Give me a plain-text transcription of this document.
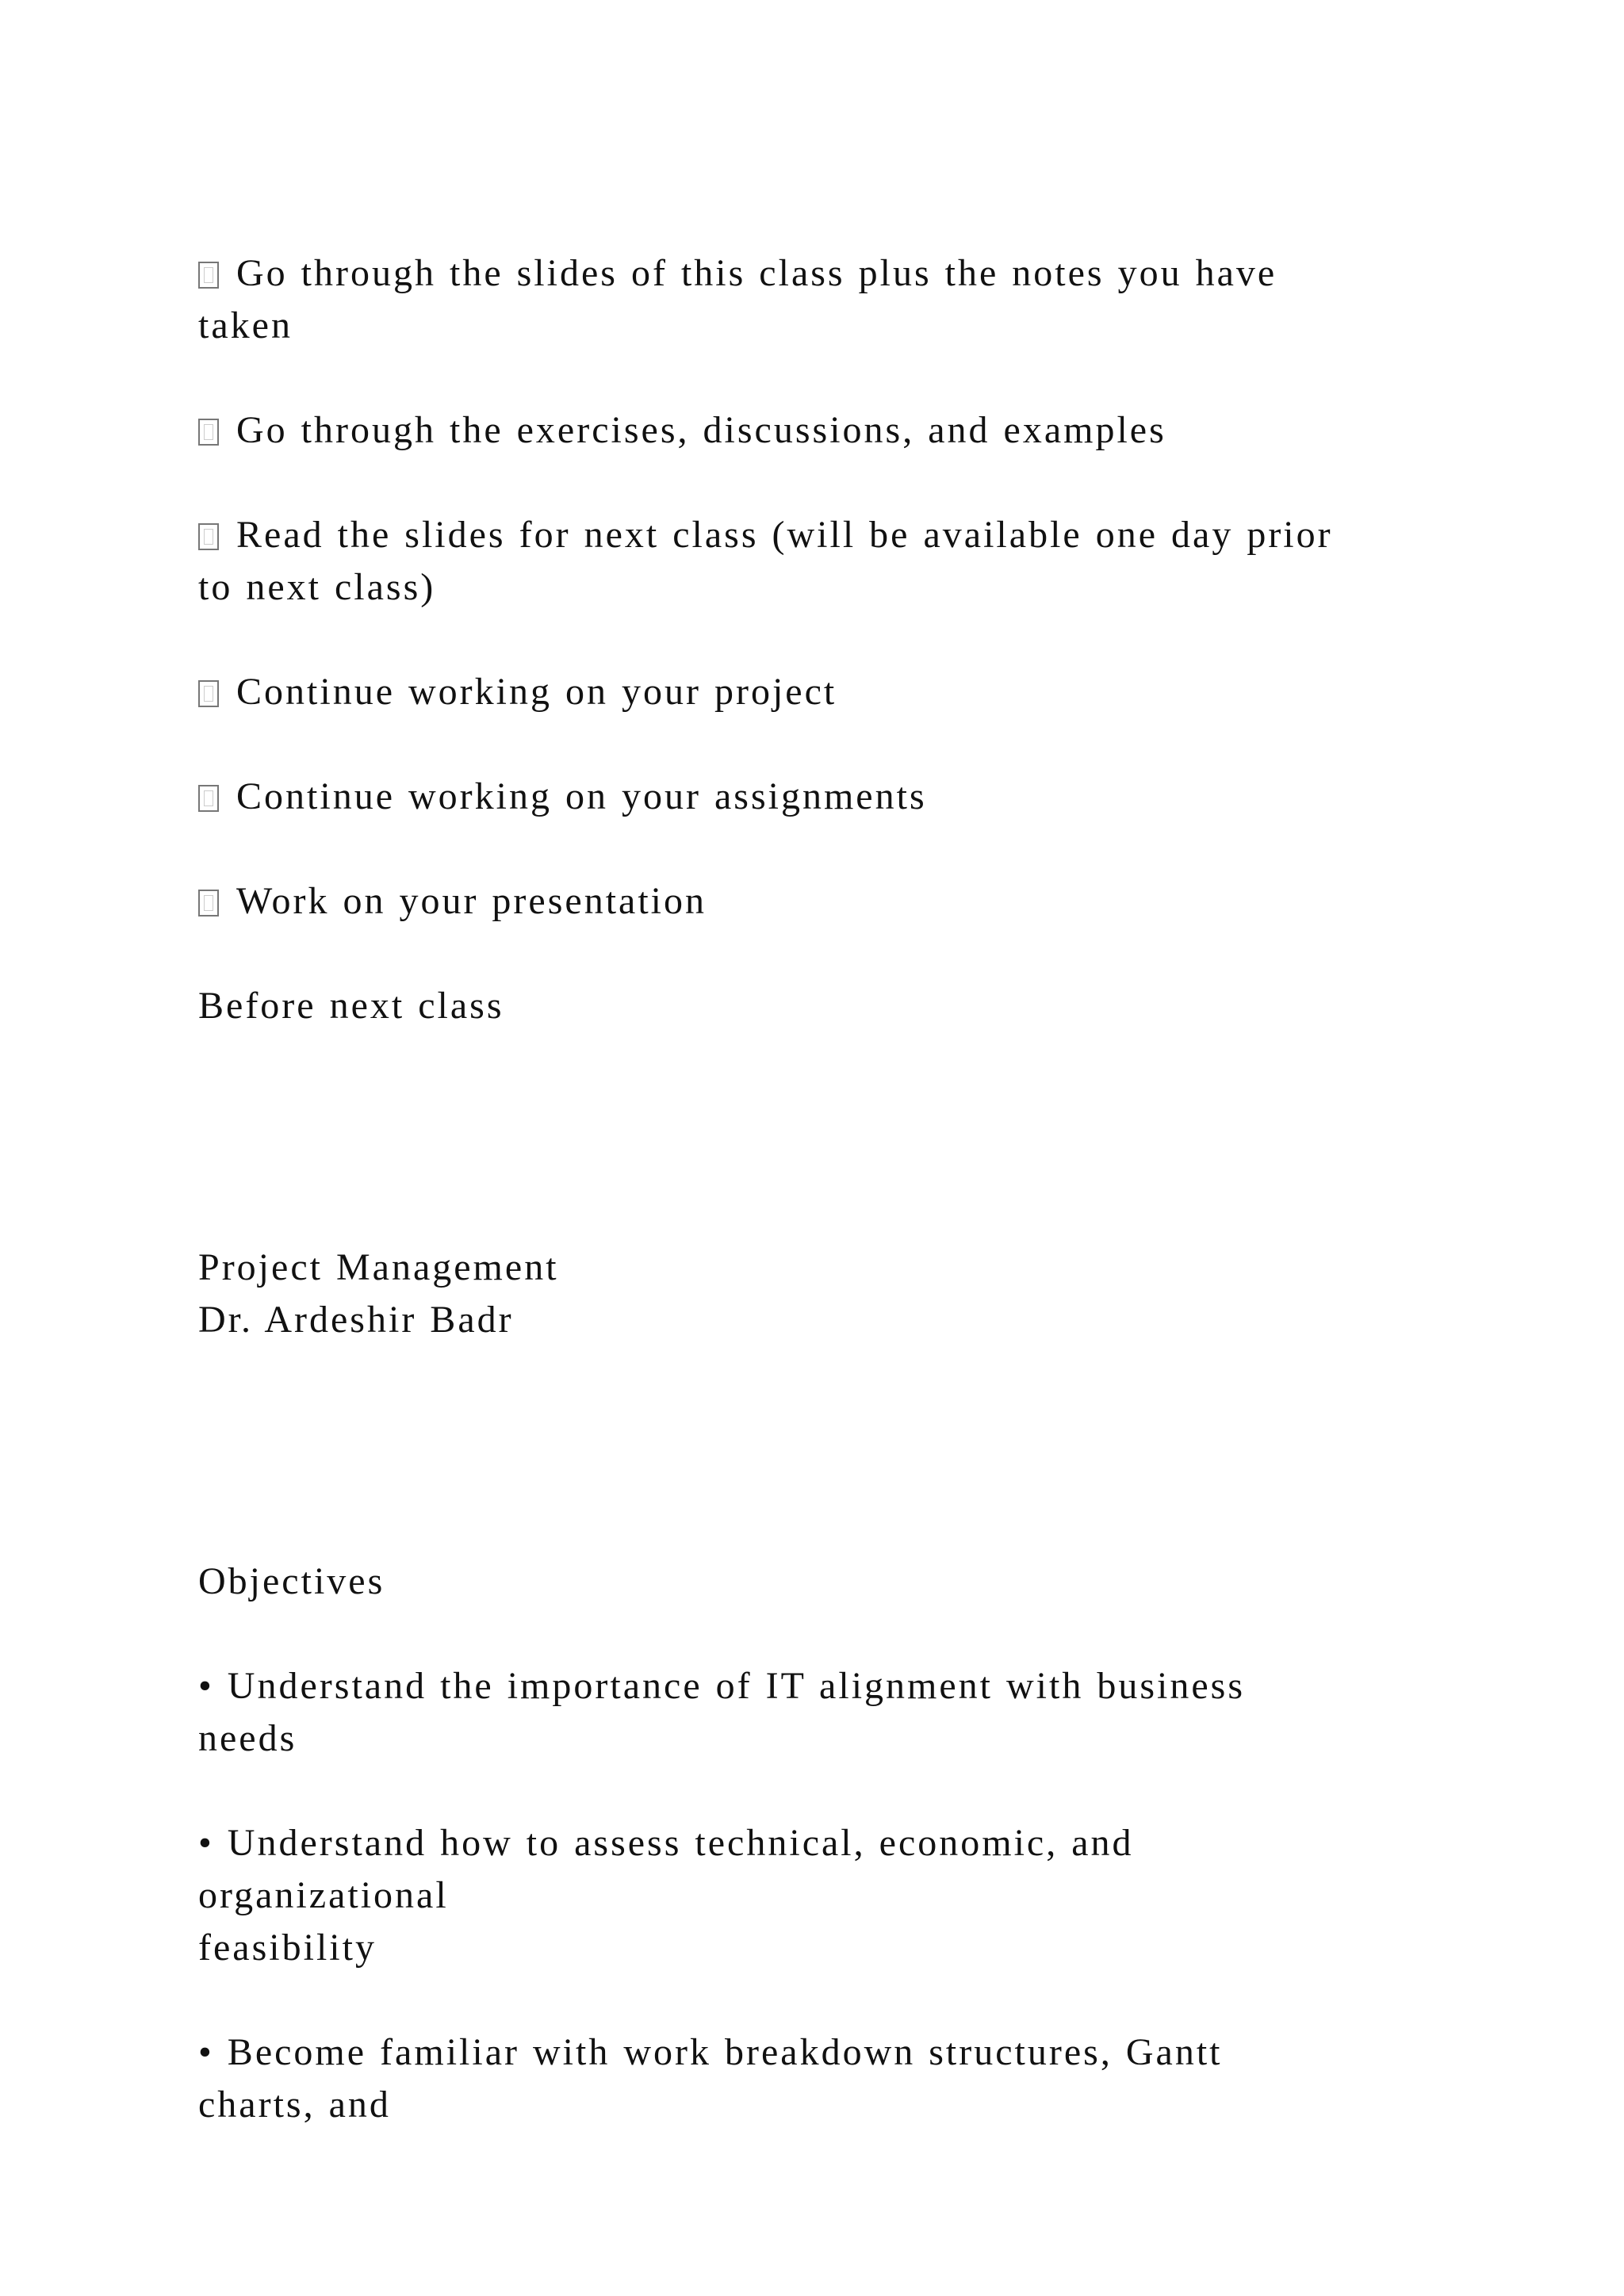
Go through the slides of this class plus the notes you have
taken

Go through the exercises, discussions, and examples

Read the slides for next class (will be available one day prior
to next class)

Continue working on your project

Continue working on your assignments

Work on your presentation

Before next class

Project Management
Dr. Ardeshir Badr

Objectives

• Understand the importance of IT alignment with business
needs

• Understand how to assess technical, economic, and
organizational
feasibility

• Become familiar with work breakdown structures, Gantt
charts, and
